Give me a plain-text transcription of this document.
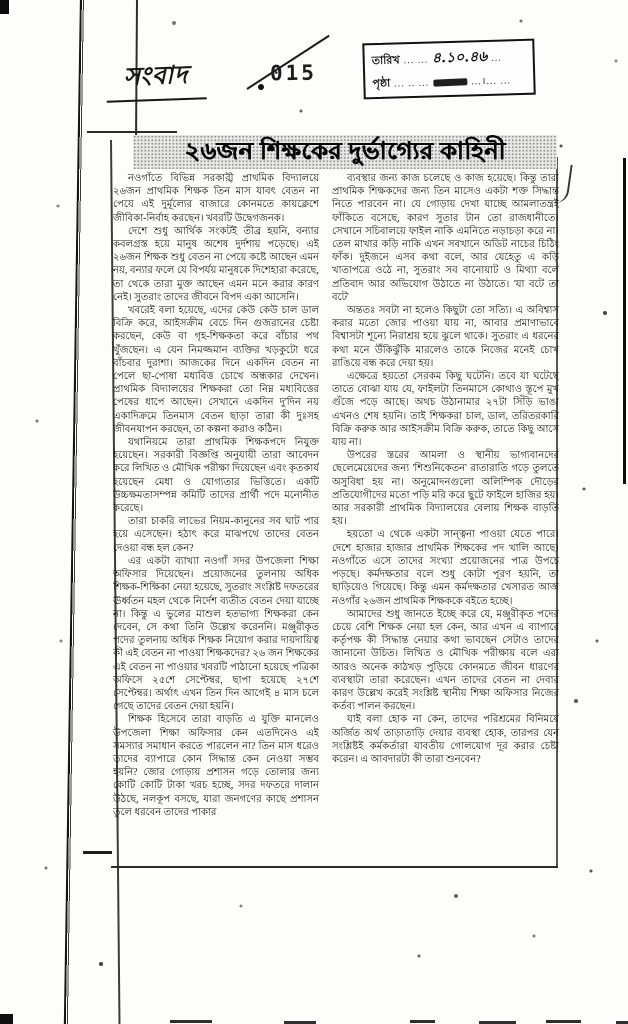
সংবাদ	015	তারিখ ... ... ৪.১০.৪৬ ...
পৃষ্ঠা ... .. ...	...।... ...
২৬জন শিক্ষকের দুর্ভাগ্যের কাহিনী

নওগাঁতে বিভিন্ন সরকারী প্রাথমিক বিদ্যালয়ে ২৬জন প্রাথমিক শিক্ষক তিন মাস যাবৎ বেতন না পেয়ে এই দুর্মূল্যের বাজারে কোনমতে কায়ক্লেশে জীবিকা-নির্বাহ করছেন। খবরটি উদ্বেগজনক।

দেশে শুধু আর্থিক সংকটই তীব্র হয়নি, বন্যার কবলগ্রস্ত হয়ে মানুষ অশেষ দুর্দশায় পড়েছে। এই ২৬জন শিক্ষক শুধু বেতন না পেয়ে কষ্টে আছেন এমন নয়, বন্যার ফলে যে বিপর্যয় মানুষকে দিশেহারা করেছে, তা থেকে তারা মুক্ত আছেন এমন মনে করার কারণ নেই। সুতরাং তাদের জীবনে বিপদ একা আসেনি।

খবরেই বলা হয়েছে, এদের কেউ কেউ চাল ডাল বিক্রি করে, আইসক্রীম বেচে দিন গুজরানের চেষ্টা করছেন, কেউ বা গৃহ-শিক্ষকতা করে বাঁচার পথ খুঁজছেন। এ যেন নিমজ্জমান ব্যক্তির খড়কুটো ধরে বাঁচবার দুরাশা। আজকের দিনে একদিন বেতন না পেলে ছা-পোষা মধ্যবিত্ত চোখে অন্ধকার দেখেন। প্রাথমিক বিদ্যালয়ের শিক্ষকরা তো নিম্ন মধ্যবিত্তের পেষের ধাপে আছেন। সেখানে একদিন দু'দিন নয় একাদিক্রমে তিনমাস বেতন ছাড়া তারা কী দুঃসহ জীবনযাপন করছেন, তা কল্পনা করাও কঠিন।

যথানিয়মে তারা প্রাথমিক শিক্ষকপদে নিযুক্ত হয়েছেন। সরকারী বিজ্ঞপ্তি অনুযায়ী তারা আবেদন করে লিখিত ও মৌখিক পরীক্ষা দিয়েছেন এবং কৃতকার্য হয়েছেন মেধা ও যোগ্যতার ভিত্তিতে। একটি উচ্চক্ষমতাসম্পন্ন কমিটি তাদের প্রার্থী পদে মনোনীত করেছে।

তারা চাকরি লাভের নিয়ম-কানুনের সব ঘাট পার হয়ে এসেছেন। হঠাৎ করে মাঝপথে তাদের বেতন দেওয়া বন্ধ হল কেন?

এর একটা ব্যাখ্যা নওগাঁ সদর উপজেলা শিক্ষা অফিসার দিয়েছেন। প্রয়োজনের তুলনায় অধিক শিক্ষক-শিক্ষিকা নেয়া হয়েছে, সুতরাং সংশ্লিষ্ট দফতরের ঊর্ধ্বতন মহল থেকে নির্দেশ ব্যতীত বেতন দেয়া যাচ্ছে না। কিন্তু এ ভুলের মাশুল হতভাগ্য শিক্ষকরা কেন দেবেন, সে কথা তিনি উল্লেখ করেননি। মঞ্জুরীকৃত পদের তুলনায় অধিক শিক্ষক নিয়োগ করার দায়দায়িত্ব কী এই বেতন না পাওয়া শিক্ষকদের? ২৬ জন শিক্ষকের এই বেতন না পাওয়ার খবরটি পাঠানো হয়েছে পত্রিকা অফিসে ২৫শে সেপ্টেম্বর, ছাপা হয়েছে ২৭শে সেপ্টেম্বর। অর্থাৎ এখন তিন দিন আগেই ৪ মাস চলে গেছে তাদের বেতন দেয়া হয়নি।

শিক্ষক হিসেবে তারা বাড়তি এ যুক্তি মানলেও উপজেলা শিক্ষা অফিসার কেন এতদিনেও এই সমস্যার সমাধান করতে পারলেন না? তিন মাস ধরেও তাদের ব্যাপারে কোন সিদ্ধান্ত কেন নেওয়া সম্ভব হয়নি? জোর গোড়ায় প্রশাসন গড়ে তোলার জন্য কোটি কোটি টাকা খরচ হচ্ছে, সদর দফতরে দালান উঠছে, নলকূপ বসছে, যারা জনগণের কাছে প্রশাসন তুলে ধরবেন তাদের পাকার

ব্যবস্থার জন্য কাজ চলেছে ও কাজ হয়েছে। কিন্তু তারা প্রাথমিক শিক্ষকদের জন্য তিন মাসেও একটা শক্ত সিদ্ধান্ত নিতে পারবেন না। যে গোড়ায় দেখা যাচ্ছে আমলাতন্ত্রই ফাঁকিতে বসেছে, কারণ সুতার টান তো রাজধানীতে। সেখানে সচিবালয়ে ফাইল নাকি এমনিতে নড়াচড়া করে না। তেল মাখার কড়ি নাকি এখন সবখানে অডিট নাচের চিঠিং ফাঁক। দুইজনে এসব কথা বলে, আর যেহেতু এ কড়ি খাতাপত্রে ওঠে না, সুতরাং সব বানোয়াট ও মিথ্যা বলে প্রতিবাদ আর অভিযোগ উঠাতে না উঠাতে। 'যা বটে তা বটে'

অন্ততঃ সবটা না হলেও কিছুটা তো সত্যি। এ অবিশ্বাস করার মতো জোর পাওয়া যায় না, আবার প্রমাণাভাবে বিশ্বাসটা শূন্যে নিরাশ্রয় হয়ে ঝুলে থাকে। সুতরাং এ ধরনের কথা মনে উঁকিঝুঁকি মারলেও তাকে নিজের মনেই চোখ রাঙিয়ে বন্ধ করে দেয়া হয়।

এক্ষেত্রে হয়তো সেরকম কিছু ঘটেনি। তবে যা ঘটেছে তাতে বোঝা যায় যে, ফাইলটা তিনমাসে কোথাও স্তূপে মুখ গুঁজে পড়ে আছে। অথচ উঠানামার ২৭টা সিঁড়ি ভাঙা এখনও শেষ হয়নি। তাই শিক্ষকরা চাল, ডাল, তরিতরকারি বিক্রি করুক আর আইসক্রীম বিক্রি করুক, তাতে কিছু আসে যায় না।

উপরের স্তরের আমলা ও স্থানীয় ভাগ্যবানদের ছেলেমেয়েদের জন্য 'শিশুনিকেতন' রাতারাতি গড়ে তুলতে অসুবিধা হয় না। অনুমোদনগুলো অলিম্পিক দৌড়ের প্রতিযোগীদের মতো পড়ি মরি করে ছুটে ফাইলে হাজির হয়। আর সরকারী প্রাথমিক বিদ্যালয়ের বেলায় শিক্ষক বাড়তি হয়।

হয়তো এ থেকে একটা সান্ত্বনা পাওয়া যেতে পারে। দেশে হাজার হাজার প্রাথমিক শিক্ষকের পদ খালি আছে। নওগাঁতে এসে তাদের সংখ্যা প্রয়োজনের পাত্র উপচে পড়ছে। কর্মদক্ষতার বলে শুধু কোটা পূরণ হয়নি, তা ছাড়িয়েও গিয়েছে। কিন্তু এমন কর্মদক্ষতার খেসারত আজ নওগাঁর ২৬জন প্রাথমিক শিক্ষককে বইতে হচ্ছে।

আমাদের শুধু জানতে ইচ্ছে করে যে, মঞ্জুরীকৃত পদের চেয়ে বেশি শিক্ষক নেয়া হল কেন, আর এখন এ ব্যাপারে কর্তৃপক্ষ কী সিদ্ধান্ত নেয়ার কথা ভাবছেন সেটাও তাদের জানানো উচিত। লিখিত ও মৌখিক পরীক্ষায় বলে এরা আরও অনেক কাঠখড় পুড়িয়ে কোনমতে জীবন ধারণের ব্যবস্থাটা তারা করেছেন। এখন তাদের বেতন না দেবার কারণ উল্লেখ করেই সংশ্লিষ্ট স্থানীয় শিক্ষা অফিসার নিজের কর্তব্য পালন করছেন।

যাই বলা হোক না কেন, তাদের পরিশ্রমের বিনিময়ে অর্জিত অর্থ তাড়াতাড়ি দেয়ার ব্যবস্থা হোক, তারপর যেন সংশ্লিষ্টই কর্মকর্তারা যাবতীয় গোলযোগ দূর করার চেষ্টা করেন। এ আবদারটা কী তারা শুনবেন?
